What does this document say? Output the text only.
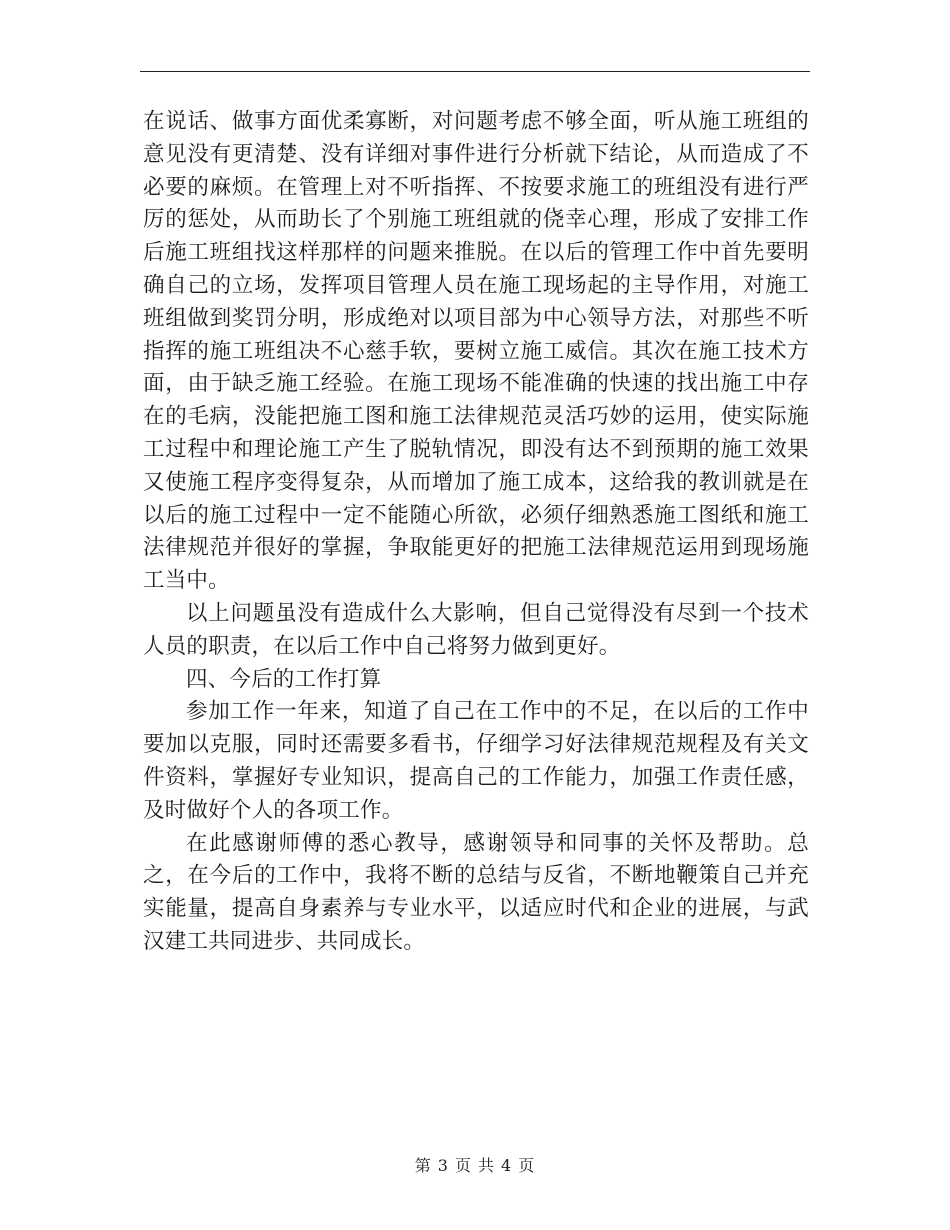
在说话、做事方面优柔寡断，对问题考虑不够全面，听从施工班组的意见没有更清楚、没有详细对事件进行分析就下结论，从而造成了不必要的麻烦。在管理上对不听指挥、不按要求施工的班组没有进行严厉的惩处，从而助长了个别施工班组就的侥幸心理，形成了安排工作后施工班组找这样那样的问题来推脱。在以后的管理工作中首先要明确自己的立场，发挥项目管理人员在施工现场起的主导作用，对施工班组做到奖罚分明，形成绝对以项目部为中心领导方法，对那些不听指挥的施工班组决不心慈手软，要树立施工威信。其次在施工技术方面，由于缺乏施工经验。在施工现场不能准确的快速的找出施工中存在的毛病，没能把施工图和施工法律规范灵活巧妙的运用，使实际施工过程中和理论施工产生了脱轨情况，即没有达不到预期的施工效果又使施工程序变得复杂，从而增加了施工成本，这给我的教训就是在以后的施工过程中一定不能随心所欲，必须仔细熟悉施工图纸和施工法律规范并很好的掌握，争取能更好的把施工法律规范运用到现场施工当中。

以上问题虽没有造成什么大影响，但自己觉得没有尽到一个技术人员的职责，在以后工作中自己将努力做到更好。

四、今后的工作打算

参加工作一年来，知道了自己在工作中的不足，在以后的工作中要加以克服，同时还需要多看书，仔细学习好法律规范规程及有关文件资料，掌握好专业知识，提高自己的工作能力，加强工作责任感，及时做好个人的各项工作。

在此感谢师傅的悉心教导，感谢领导和同事的关怀及帮助。总之，在今后的工作中，我将不断的总结与反省，不断地鞭策自己并充实能量，提高自身素养与专业水平，以适应时代和企业的进展，与武汉建工共同进步、共同成长。

第 3 页 共 4 页
